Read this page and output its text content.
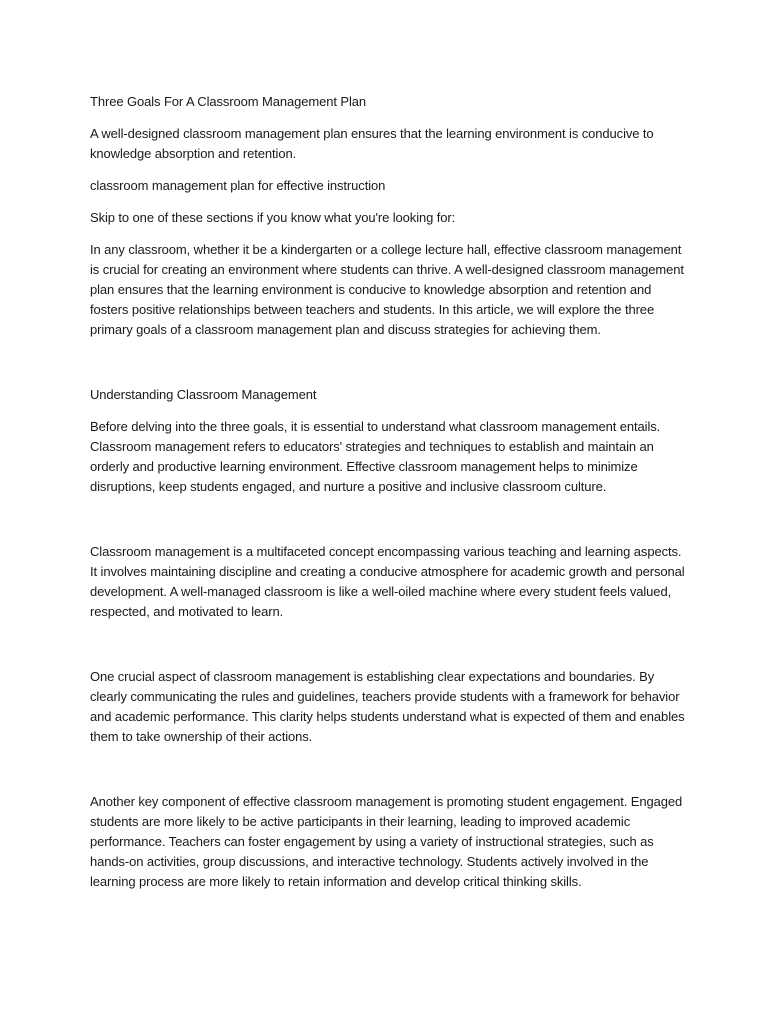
Three Goals For A Classroom Management Plan

A well-designed classroom management plan ensures that the learning environment is conducive to knowledge absorption and retention.

classroom management plan for effective instruction

Skip to one of these sections if you know what you're looking for:

In any classroom, whether it be a kindergarten or a college lecture hall, effective classroom management is crucial for creating an environment where students can thrive. A well-designed classroom management plan ensures that the learning environment is conducive to knowledge absorption and retention and fosters positive relationships between teachers and students. In this article, we will explore the three primary goals of a classroom management plan and discuss strategies for achieving them.

Understanding Classroom Management

Before delving into the three goals, it is essential to understand what classroom management entails. Classroom management refers to educators' strategies and techniques to establish and maintain an orderly and productive learning environment. Effective classroom management helps to minimize disruptions, keep students engaged, and nurture a positive and inclusive classroom culture.

Classroom management is a multifaceted concept encompassing various teaching and learning aspects. It involves maintaining discipline and creating a conducive atmosphere for academic growth and personal development. A well-managed classroom is like a well-oiled machine where every student feels valued, respected, and motivated to learn.

One crucial aspect of classroom management is establishing clear expectations and boundaries. By clearly communicating the rules and guidelines, teachers provide students with a framework for behavior and academic performance. This clarity helps students understand what is expected of them and enables them to take ownership of their actions.

Another key component of effective classroom management is promoting student engagement. Engaged students are more likely to be active participants in their learning, leading to improved academic performance. Teachers can foster engagement by using a variety of instructional strategies, such as hands-on activities, group discussions, and interactive technology. Students actively involved in the learning process are more likely to retain information and develop critical thinking skills.
